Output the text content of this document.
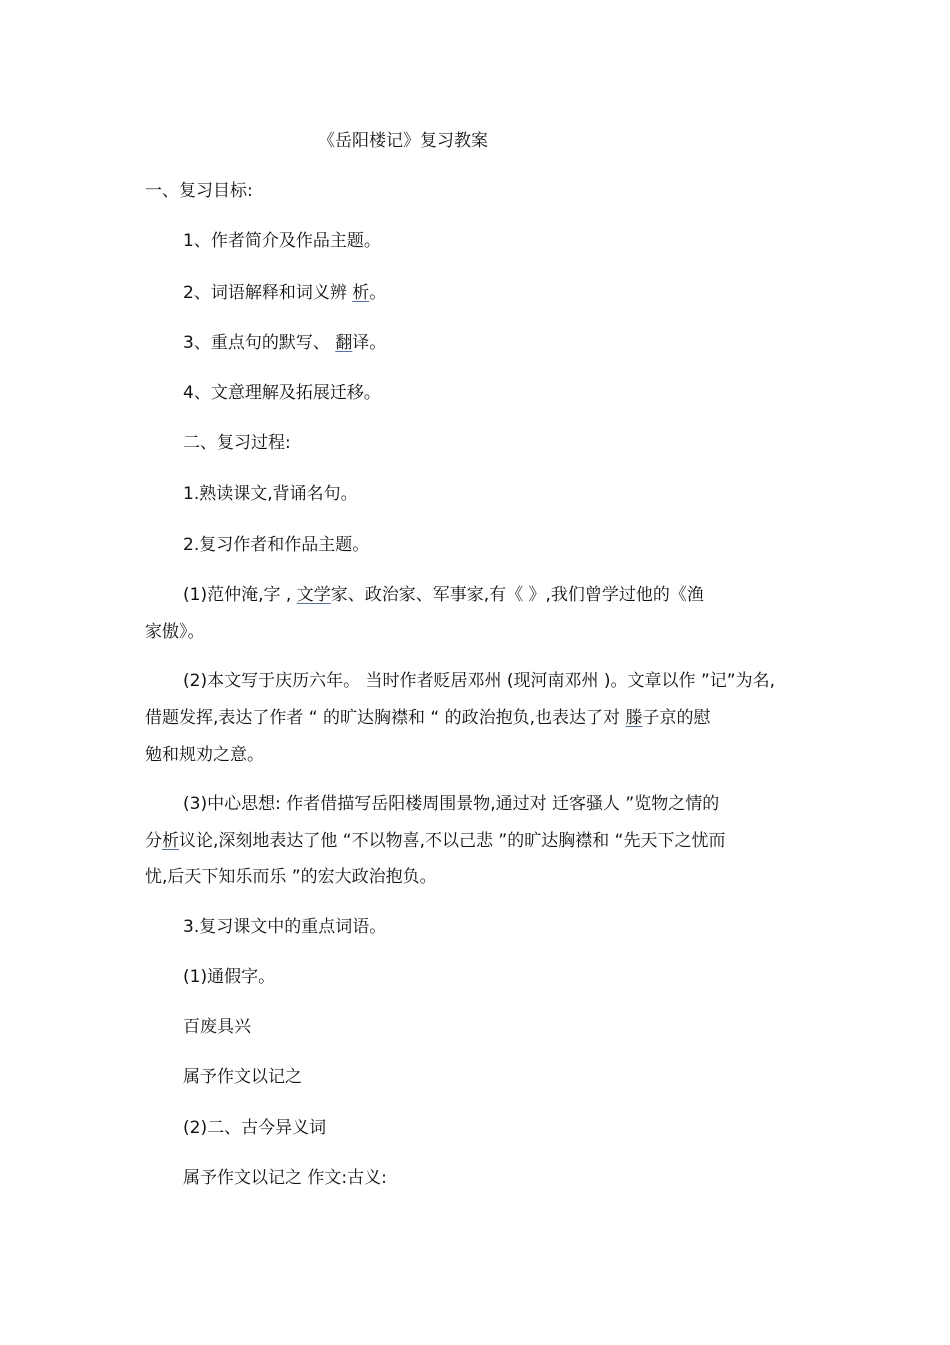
《岳阳楼记》复习教案
一、复习目标:
1、作者简介及作品主题。
2、词语解释和词义辨 析。
3、重点句的默写、 翻译。
4、文意理解及拓展迁移。
二、复习过程:
1.熟读课文,背诵名句。
2.复习作者和作品主题。
(1)范仲淹,字 , 文学家、政治家、军事家,有《 》,我们曾学过他的《渔
家傲》。
(2)本文写于庆历六年。 当时作者贬居邓州 (现河南邓州 )。文章以作 ”记”为名,
借题发挥,表达了作者 “ 的旷达胸襟和 “ 的政治抱负,也表达了对 滕子京的慰
勉和规劝之意。
(3)中心思想: 作者借描写岳阳楼周围景物,通过对 迁客骚人 ”览物之情的
分析议论,深刻地表达了他 “不以物喜,不以己悲 ”的旷达胸襟和 “先天下之忧而
忧,后天下知乐而乐 ”的宏大政治抱负。
3.复习课文中的重点词语。
(1)通假字。
百废具兴
属予作文以记之
(2)二、古今异义词
属予作文以记之 作文:古义:
